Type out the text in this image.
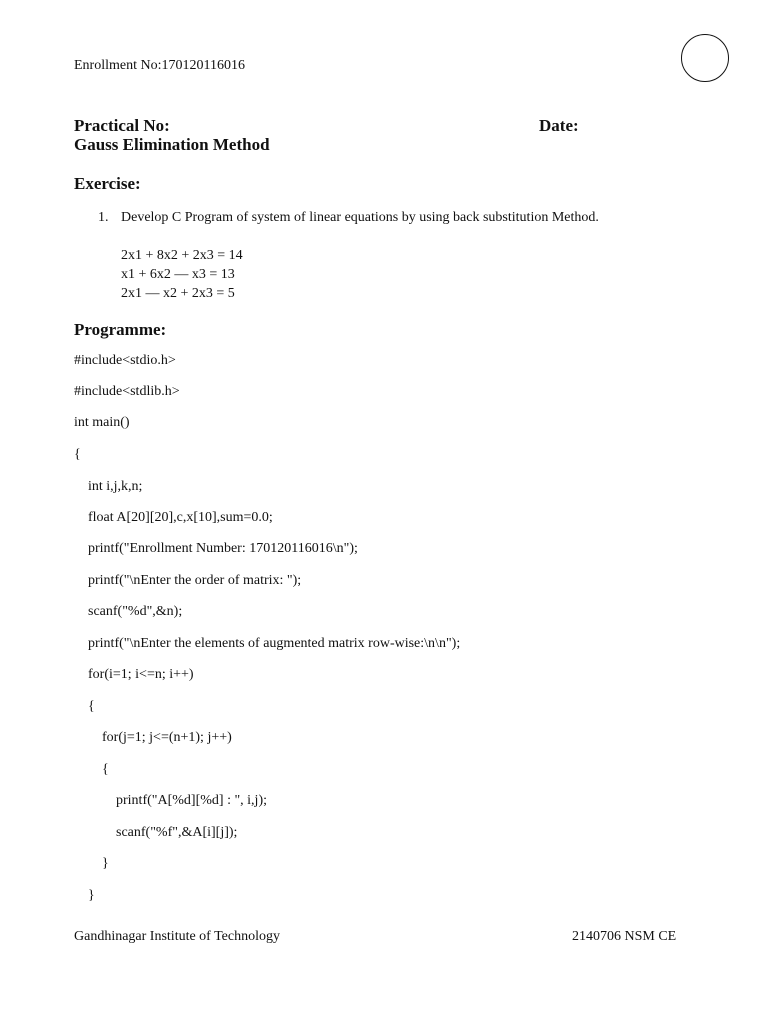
Enrollment No:170120116016
Practical No:	Date:
Gauss Elimination Method
Exercise:
1. Develop C Program of system of linear equations by using back substitution Method.
2x1 + 8x2 + 2x3 = 14
x1 + 6x2 — x3 = 13
2x1 — x2 + 2x3 = 5
Programme:
#include<stdio.h>
#include<stdlib.h>
int main()
{
int i,j,k,n;
float A[20][20],c,x[10],sum=0.0;
printf("Enrollment Number: 170120116016\n");
printf("\nEnter the order of matrix: ");
scanf("%d",&n);
printf("\nEnter the elements of augmented matrix row-wise:\n\n");
for(i=1; i<=n; i++)
{
for(j=1; j<=(n+1); j++)
{
printf("A[%d][%d] : ", i,j);
scanf("%f",&A[i][j]);
}
}
Gandhinagar Institute of Technology	2140706 NSM CE
